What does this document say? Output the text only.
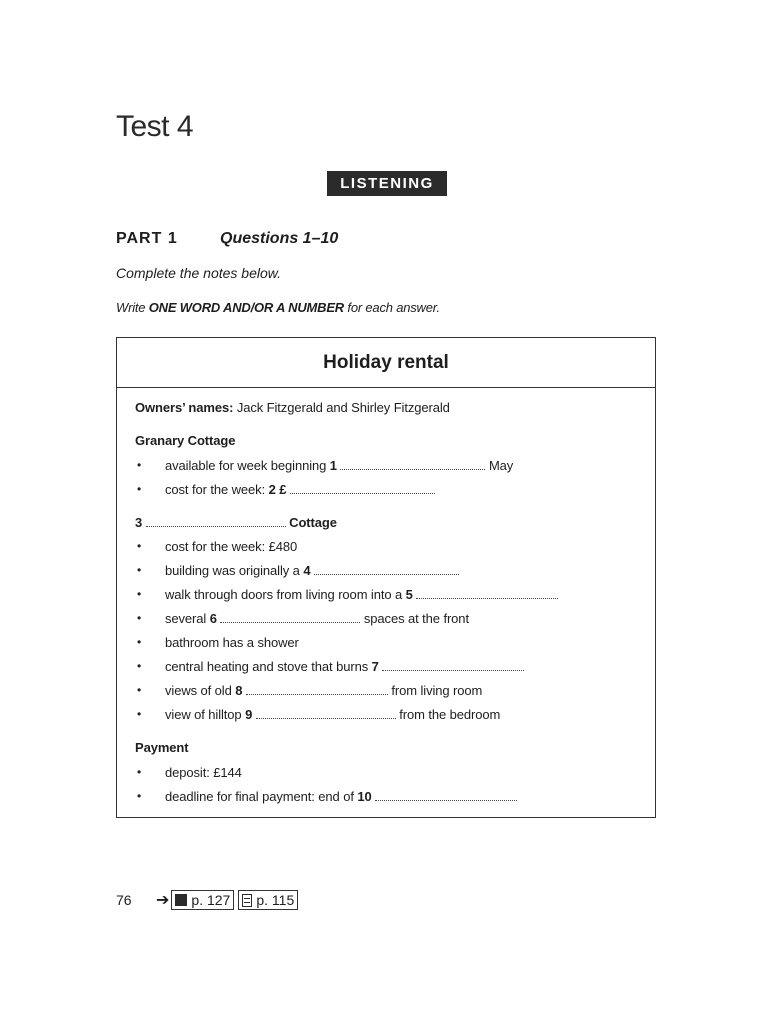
Test 4
LISTENING
PART 1	Questions 1–10
Complete the notes below.
Write ONE WORD AND/OR A NUMBER for each answer.
Holiday rental
Owners’ names: Jack Fitzgerald and Shirley Fitzgerald
Granary Cottage
• available for week beginning 1	May
• cost for the week: 2 £
3	Cottage
• cost for the week: £480
• building was originally a 4
• walk through doors from living room into a 5
• several 6	spaces at the front
• bathroom has a shower
• central heating and stove that burns 7
• views of old 8	from living room
• view of hilltop 9	from the bedroom
Payment
• deposit: £144
• deadline for final payment: end of 10
76	➔ p. 127 p. 115
